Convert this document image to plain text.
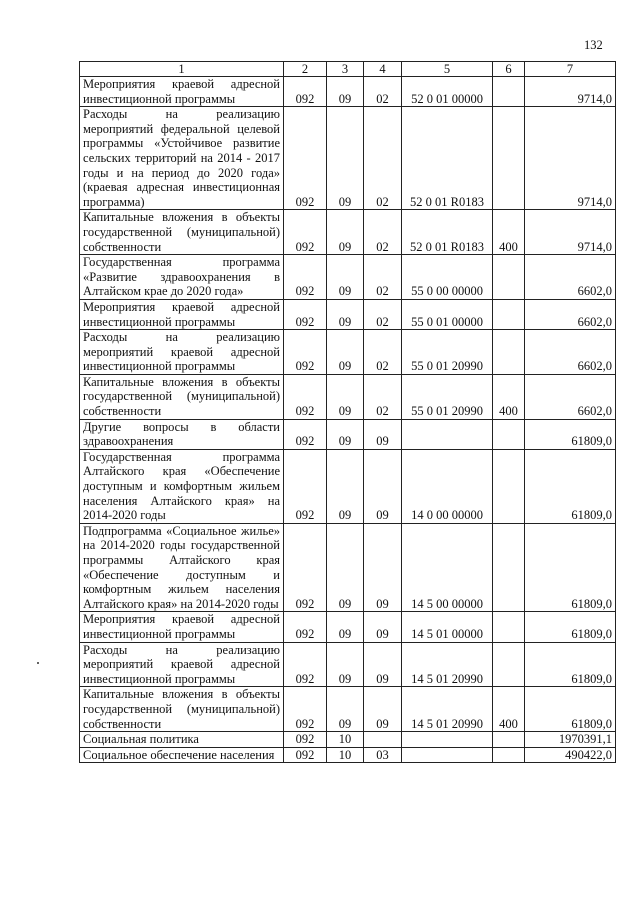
132
1	2	3	4	5	6	7
Мероприятия краевой адресной инвестиционной программы	092	09	02	52 0 01 00000		9714,0
Расходы на реализацию мероприятий федеральной целевой программы «Устойчивое развитие сельских территорий на 2014 - 2017 годы и на период до 2020 года» (краевая адресная инвестиционная программа)	092	09	02	52 0 01 R0183		9714,0
Капитальные вложения в объекты государственной (муниципальной) собственности	092	09	02	52 0 01 R0183	400	9714,0
Государственная программа «Развитие здравоохранения в Алтайском крае до 2020 года»	092	09	02	55 0 00 00000		6602,0
Мероприятия краевой адресной инвестиционной программы	092	09	02	55 0 01 00000		6602,0
Расходы на реализацию мероприятий краевой адресной инвестиционной программы	092	09	02	55 0 01 20990		6602,0
Капитальные вложения в объекты государственной (муниципальной) собственности	092	09	02	55 0 01 20990	400	6602,0
Другие вопросы в области здравоохранения	092	09	09			61809,0
Государственная программа Алтайского края «Обеспечение доступным и комфортным жильем населения Алтайского края» на 2014-2020 годы	092	09	09	14 0 00 00000		61809,0
Подпрограмма «Социальное жилье» на 2014-2020 годы государственной программы Алтайского края «Обеспечение доступным и комфортным жильем населения Алтайского края» на 2014-2020 годы	092	09	09	14 5 00 00000		61809,0
Мероприятия краевой адресной инвестиционной программы	092	09	09	14 5 01 00000		61809,0
Расходы на реализацию мероприятий краевой адресной инвестиционной программы	092	09	09	14 5 01 20990		61809,0
Капитальные вложения в объекты государственной (муниципальной) собственности	092	09	09	14 5 01 20990	400	61809,0
Социальная политика	092	10				1970391,1
Социальное обеспечение населения	092	10	03			490422,0
